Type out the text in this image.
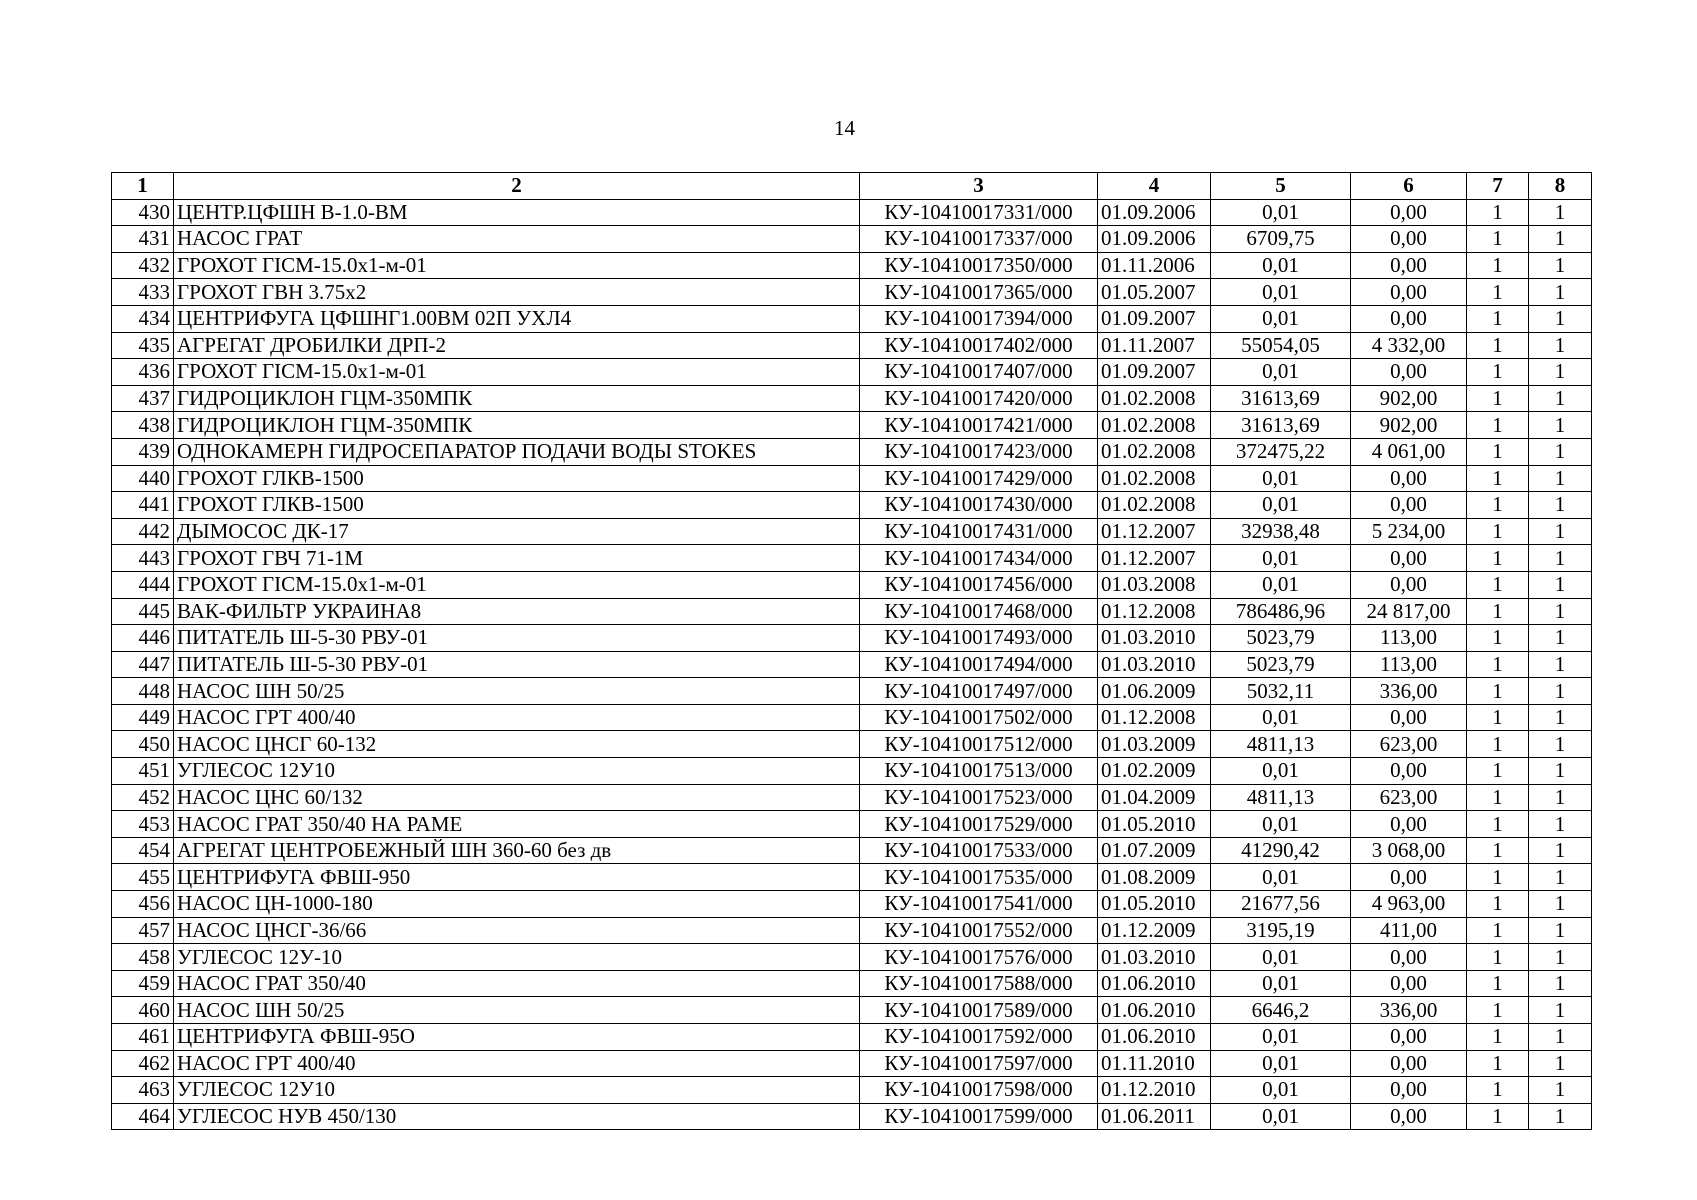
14
1	2	3	4	5	6	7	8
430	ЦЕНТР.ЦФШН В-1.0-ВМ	КУ-10410017331/000	01.09.2006	0,01	0,00	1	1
431	НАСОС ГРАТ	КУ-10410017337/000	01.09.2006	6709,75	0,00	1	1
432	ГРОХОТ ГІСМ-15.0х1-м-01	КУ-10410017350/000	01.11.2006	0,01	0,00	1	1
433	ГРОХОТ ГВН 3.75х2	КУ-10410017365/000	01.05.2007	0,01	0,00	1	1
434	ЦЕНТРИФУГА ЦФШНГ1.00ВМ 02П УХЛ4	КУ-10410017394/000	01.09.2007	0,01	0,00	1	1
435	АГРЕГАТ ДРОБИЛКИ ДРП-2	КУ-10410017402/000	01.11.2007	55054,05	4 332,00	1	1
436	ГРОХОТ ГІСМ-15.0х1-м-01	КУ-10410017407/000	01.09.2007	0,01	0,00	1	1
437	ГИДРОЦИКЛОН ГЦМ-350МПК	КУ-10410017420/000	01.02.2008	31613,69	902,00	1	1
438	ГИДРОЦИКЛОН ГЦМ-350МПК	КУ-10410017421/000	01.02.2008	31613,69	902,00	1	1
439	ОДНОКАМЕРН ГИДРОСЕПАРАТОР ПОДАЧИ ВОДЫ STOKES	КУ-10410017423/000	01.02.2008	372475,22	4 061,00	1	1
440	ГРОХОТ ГЛКВ-1500	КУ-10410017429/000	01.02.2008	0,01	0,00	1	1
441	ГРОХОТ ГЛКВ-1500	КУ-10410017430/000	01.02.2008	0,01	0,00	1	1
442	ДЫМОСОС ДК-17	КУ-10410017431/000	01.12.2007	32938,48	5 234,00	1	1
443	ГРОХОТ ГВЧ 71-1М	КУ-10410017434/000	01.12.2007	0,01	0,00	1	1
444	ГРОХОТ ГІСМ-15.0х1-м-01	КУ-10410017456/000	01.03.2008	0,01	0,00	1	1
445	ВАК-ФИЛЬТР УКРАИНА8	КУ-10410017468/000	01.12.2008	786486,96	24 817,00	1	1
446	ПИТАТЕЛЬ Ш-5-30 РВУ-01	КУ-10410017493/000	01.03.2010	5023,79	113,00	1	1
447	ПИТАТЕЛЬ Ш-5-30 РВУ-01	КУ-10410017494/000	01.03.2010	5023,79	113,00	1	1
448	НАСОС ШН 50/25	КУ-10410017497/000	01.06.2009	5032,11	336,00	1	1
449	НАСОС ГРТ 400/40	КУ-10410017502/000	01.12.2008	0,01	0,00	1	1
450	НАСОС ЦНСГ 60-132	КУ-10410017512/000	01.03.2009	4811,13	623,00	1	1
451	УГЛЕСОС 12У10	КУ-10410017513/000	01.02.2009	0,01	0,00	1	1
452	НАСОС ЦНС 60/132	КУ-10410017523/000	01.04.2009	4811,13	623,00	1	1
453	НАСОС ГРАТ 350/40 НА РАМЕ	КУ-10410017529/000	01.05.2010	0,01	0,00	1	1
454	АГРЕГАТ ЦЕНТРОБЕЖНЫЙ ШН 360-60 без дв	КУ-10410017533/000	01.07.2009	41290,42	3 068,00	1	1
455	ЦЕНТРИФУГА ФВШ-950	КУ-10410017535/000	01.08.2009	0,01	0,00	1	1
456	НАСОС ЦН-1000-180	КУ-10410017541/000	01.05.2010	21677,56	4 963,00	1	1
457	НАСОС ЦНСГ-36/66	КУ-10410017552/000	01.12.2009	3195,19	411,00	1	1
458	УГЛЕСОС 12У-10	КУ-10410017576/000	01.03.2010	0,01	0,00	1	1
459	НАСОС ГРАТ 350/40	КУ-10410017588/000	01.06.2010	0,01	0,00	1	1
460	НАСОС ШН 50/25	КУ-10410017589/000	01.06.2010	6646,2	336,00	1	1
461	ЦЕНТРИФУГА ФВШ-95О	КУ-10410017592/000	01.06.2010	0,01	0,00	1	1
462	НАСОС ГРТ 400/40	КУ-10410017597/000	01.11.2010	0,01	0,00	1	1
463	УГЛЕСОС 12У10	КУ-10410017598/000	01.12.2010	0,01	0,00	1	1
464	УГЛЕСОС НУВ 450/130	КУ-10410017599/000	01.06.2011	0,01	0,00	1	1
